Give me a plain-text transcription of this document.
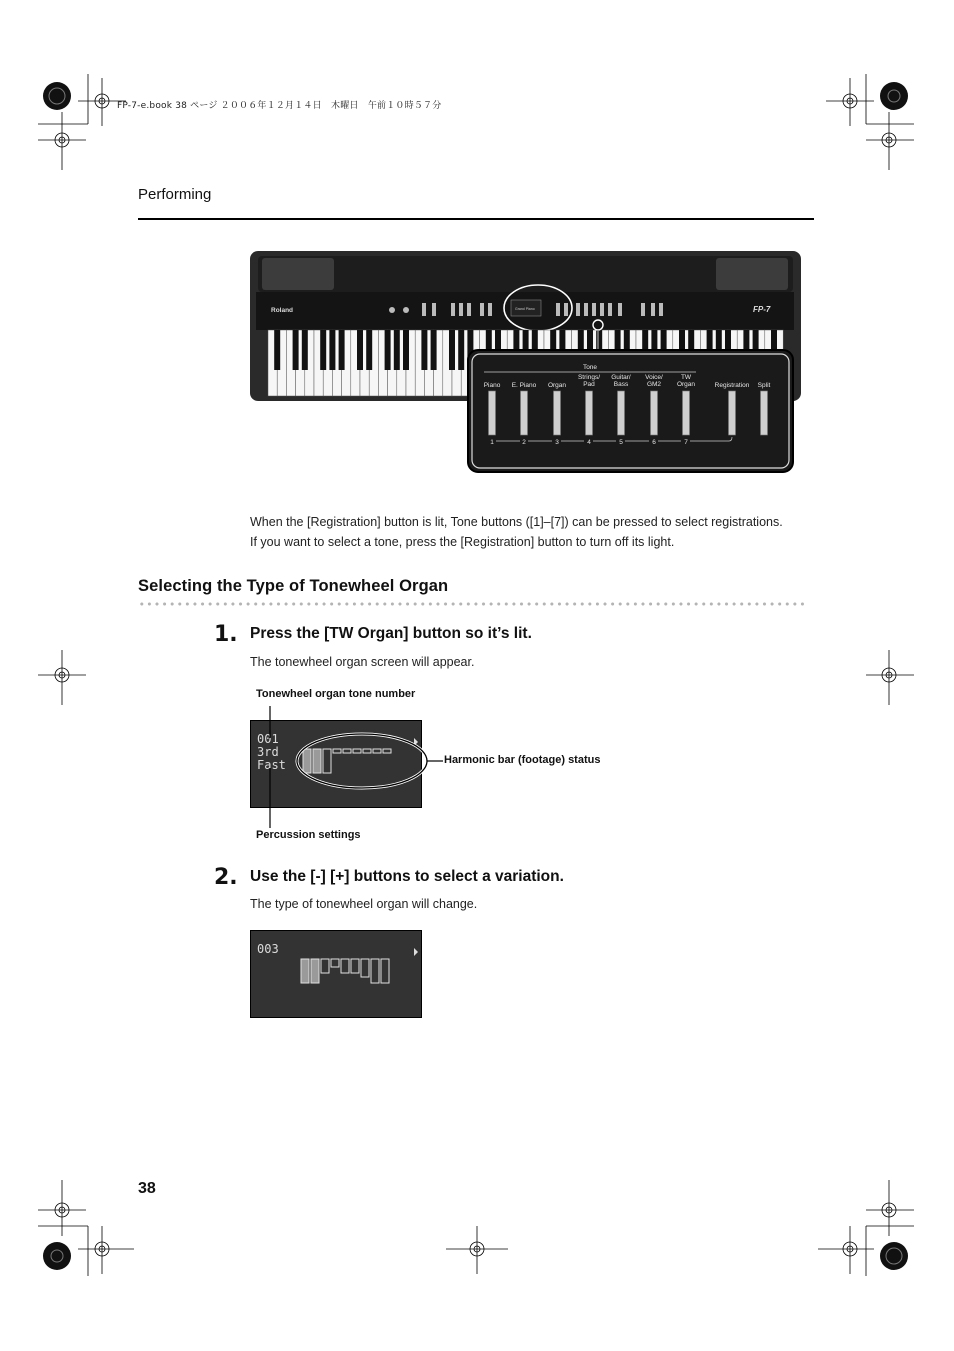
FP-7-e.book 38 ページ ２００６年１２月１４日　木曜日　午前１０時５７分
Performing
Roland	FP-7
Grand Piano
Tone
Piano
1
E. Piano
2
Organ
3
Strings/
Pad
4
Guitar/
Bass
5
Voice/
GM2
6
TW
Organ
7
Registration Split
When the [Registration] button is lit, Tone buttons ([1]–[7]) can be pressed to select registrations.
If you want to select a tone, press the [Registration] button to turn off its light.
Selecting the Type of Tonewheel Organ
1. Press the [TW Organ] button so it’s lit.
The tonewheel organ screen will appear.
Tonewheel organ tone number
Harmonic bar (footage) status
Percussion settings
001
3rd
Fast
2. Use the [-] [+] buttons to select a variation.
The type of tonewheel organ will change.
003
38
